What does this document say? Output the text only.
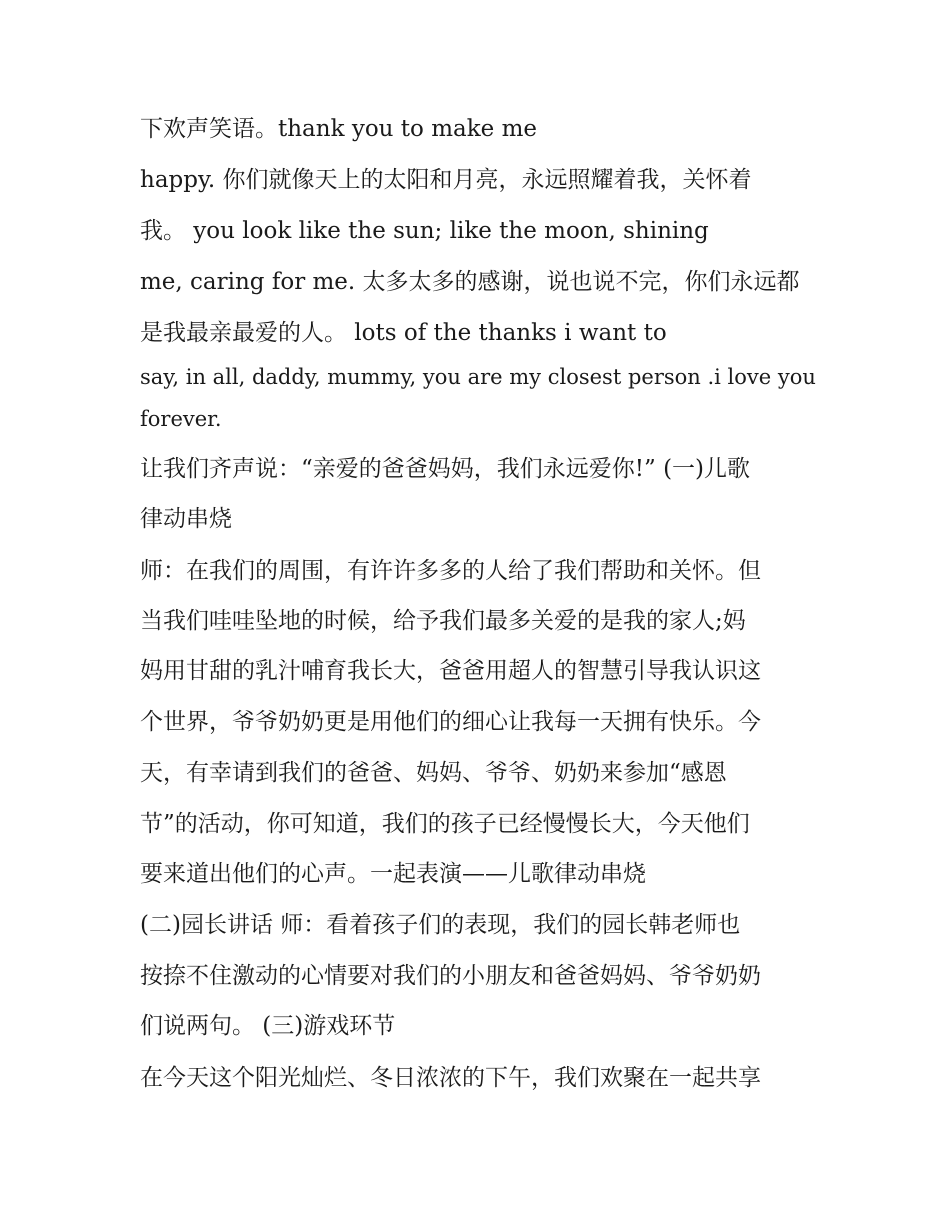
下欢声笑语。thank you to make me
happy. 你们就像天上的太阳和月亮，永远照耀着我，关怀着
我。 you look like the sun; like the moon, shining
me, caring for me. 太多太多的感谢，说也说不完，你们永远都
是我最亲最爱的人。 lots of the thanks i want to
say, in all, daddy, mummy, you are my closest person .i love you
forever.
让我们齐声说：“亲爱的爸爸妈妈，我们永远爱你!” (一)儿歌
律动串烧
师：在我们的周围，有许许多多的人给了我们帮助和关怀。但
当我们哇哇坠地的时候，给予我们最多关爱的是我的家人;妈
妈用甘甜的乳汁哺育我长大，爸爸用超人的智慧引导我认识这
个世界，爷爷奶奶更是用他们的细心让我每一天拥有快乐。今
天，有幸请到我们的爸爸、妈妈、爷爷、奶奶来参加“感恩
节”的活动，你可知道，我们的孩子已经慢慢长大，今天他们
要来道出他们的心声。一起表演——儿歌律动串烧
(二)园长讲话 师：看着孩子们的表现，我们的园长韩老师也
按捺不住激动的心情要对我们的小朋友和爸爸妈妈、爷爷奶奶
们说两句。 (三)游戏环节
在今天这个阳光灿烂、冬日浓浓的下午，我们欢聚在一起共享
